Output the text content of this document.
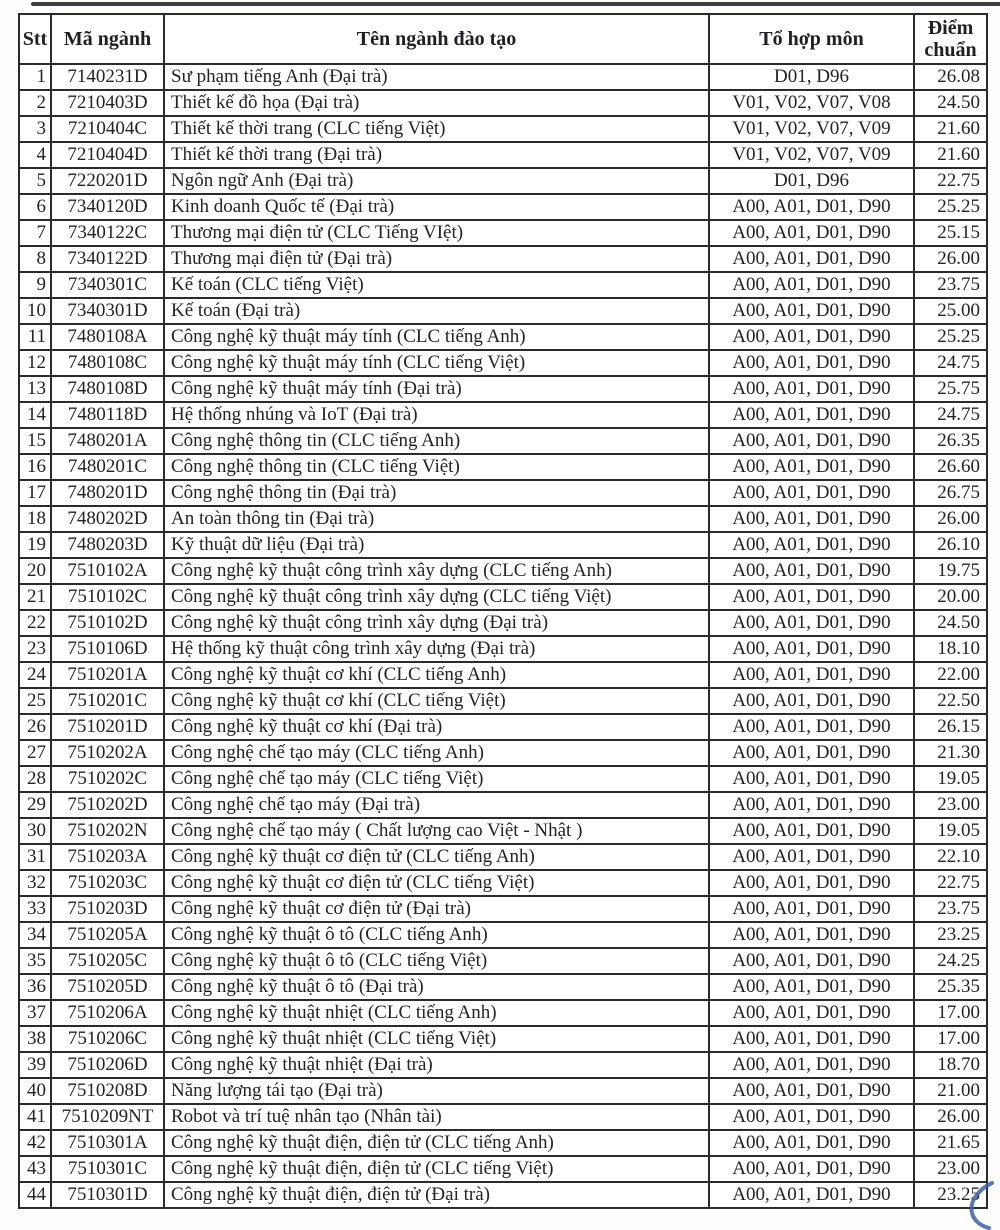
Stt	Mã ngành	Tên ngành đào tạo	Tổ hợp môn	Điểm chuẩn
1	7140231D	Sư phạm tiếng Anh (Đại trà)	D01, D96	26.08
2	7210403D	Thiết kế đồ họa (Đại trà)	V01, V02, V07, V08	24.50
3	7210404C	Thiết kế thời trang (CLC tiếng Việt)	V01, V02, V07, V09	21.60
4	7210404D	Thiết kế thời trang (Đại trà)	V01, V02, V07, V09	21.60
5	7220201D	Ngôn ngữ Anh (Đại trà)	D01, D96	22.75
6	7340120D	Kinh doanh Quốc tế (Đại trà)	A00, A01, D01, D90	25.25
7	7340122C	Thương mại điện tử (CLC Tiếng VIệt)	A00, A01, D01, D90	25.15
8	7340122D	Thương mại điện tử (Đại trà)	A00, A01, D01, D90	26.00
9	7340301C	Kế toán (CLC tiếng Việt)	A00, A01, D01, D90	23.75
10	7340301D	Kế toán (Đại trà)	A00, A01, D01, D90	25.00
11	7480108A	Công nghệ kỹ thuật máy tính (CLC tiếng Anh)	A00, A01, D01, D90	25.25
12	7480108C	Công nghệ kỹ thuật máy tính (CLC tiếng Việt)	A00, A01, D01, D90	24.75
13	7480108D	Công nghệ kỹ thuật máy tính (Đại trà)	A00, A01, D01, D90	25.75
14	7480118D	Hệ thống nhúng và IoT (Đại trà)	A00, A01, D01, D90	24.75
15	7480201A	Công nghệ thông tin (CLC tiếng Anh)	A00, A01, D01, D90	26.35
16	7480201C	Công nghệ thông tin (CLC tiếng Việt)	A00, A01, D01, D90	26.60
17	7480201D	Công nghệ thông tin (Đại trà)	A00, A01, D01, D90	26.75
18	7480202D	An toàn thông tin (Đại trà)	A00, A01, D01, D90	26.00
19	7480203D	Kỹ thuật dữ liệu (Đại trà)	A00, A01, D01, D90	26.10
20	7510102A	Công nghệ kỹ thuật công trình xây dựng (CLC tiếng Anh)	A00, A01, D01, D90	19.75
21	7510102C	Công nghệ kỹ thuật công trình xây dựng (CLC tiếng Việt)	A00, A01, D01, D90	20.00
22	7510102D	Công nghệ kỹ thuật công trình xây dựng (Đại trà)	A00, A01, D01, D90	24.50
23	7510106D	Hệ thống kỹ thuật công trình xây dựng (Đại trà)	A00, A01, D01, D90	18.10
24	7510201A	Công nghệ kỹ thuật cơ khí (CLC tiếng Anh)	A00, A01, D01, D90	22.00
25	7510201C	Công nghệ kỹ thuật cơ khí (CLC tiếng Việt)	A00, A01, D01, D90	22.50
26	7510201D	Công nghệ kỹ thuật cơ khí (Đại trà)	A00, A01, D01, D90	26.15
27	7510202A	Công nghệ chế tạo máy (CLC tiếng Anh)	A00, A01, D01, D90	21.30
28	7510202C	Công nghệ chế tạo máy (CLC tiếng Việt)	A00, A01, D01, D90	19.05
29	7510202D	Công nghệ chế tạo máy (Đại trà)	A00, A01, D01, D90	23.00
30	7510202N	Công nghệ chế tạo máy ( Chất lượng cao Việt - Nhật )	A00, A01, D01, D90	19.05
31	7510203A	Công nghệ kỹ thuật cơ điện tử (CLC tiếng Anh)	A00, A01, D01, D90	22.10
32	7510203C	Công nghệ kỹ thuật cơ điện tử (CLC tiếng Việt)	A00, A01, D01, D90	22.75
33	7510203D	Công nghệ kỹ thuật cơ điện tử (Đại trà)	A00, A01, D01, D90	23.75
34	7510205A	Công nghệ kỹ thuật ô tô (CLC tiếng Anh)	A00, A01, D01, D90	23.25
35	7510205C	Công nghệ kỹ thuật ô tô (CLC tiếng Việt)	A00, A01, D01, D90	24.25
36	7510205D	Công nghệ kỹ thuật ô tô (Đại trà)	A00, A01, D01, D90	25.35
37	7510206A	Công nghệ kỹ thuật nhiệt (CLC tiếng Anh)	A00, A01, D01, D90	17.00
38	7510206C	Công nghệ kỹ thuật nhiệt (CLC tiếng Việt)	A00, A01, D01, D90	17.00
39	7510206D	Công nghệ kỹ thuật nhiệt (Đại trà)	A00, A01, D01, D90	18.70
40	7510208D	Năng lượng tái tạo (Đại trà)	A00, A01, D01, D90	21.00
41	7510209NT	Robot và trí tuệ nhân tạo (Nhân tài)	A00, A01, D01, D90	26.00
42	7510301A	Công nghệ kỹ thuật điện, điện tử (CLC tiếng Anh)	A00, A01, D01, D90	21.65
43	7510301C	Công nghệ kỹ thuật điện, điện tử (CLC tiếng Việt)	A00, A01, D01, D90	23.00
44	7510301D	Công nghệ kỹ thuật điện, điện tử (Đại trà)	A00, A01, D01, D90	23.25
